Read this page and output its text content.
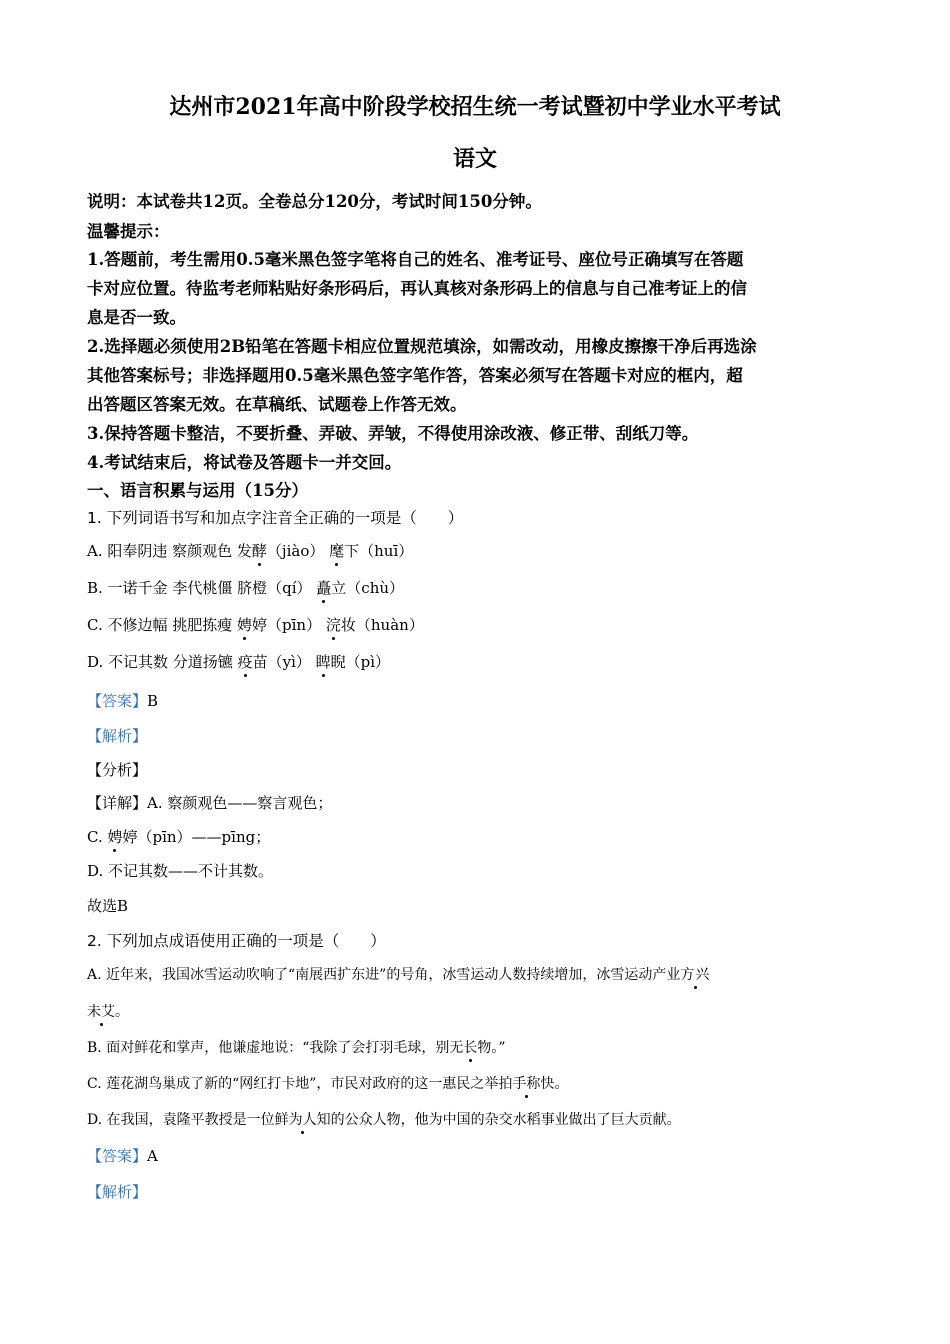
达州市2021年高中阶段学校招生统一考试暨初中学业水平考试
语文
说明：本试卷共12页。全卷总分120分，考试时间150分钟。
温馨提示：
1.答题前，考生需用0.5毫米黑色签字笔将自己的姓名、准考证号、座位号正确填写在答题
卡对应位置。待监考老师粘贴好条形码后，再认真核对条形码上的信息与自己准考证上的信
息是否一致。
2.选择题必须使用2B铅笔在答题卡相应位置规范填涂，如需改动，用橡皮擦擦干净后再选涂
其他答案标号；非选择题用0.5毫米黑色签字笔作答，答案必须写在答题卡对应的框内，超
出答题区答案无效。在草稿纸、试题卷上作答无效。
3.保持答题卡整洁，不要折叠、弄破、弄皱，不得使用涂改液、修正带、刮纸刀等。
4.考试结束后，将试卷及答题卡一并交回。
一、语言积累与运用（15分）
1. 下列词语书写和加点字注音全正确的一项是（　　）
A. 阳奉阴违 察颜观色 发酵（jiào） 麾下（huī）
B. 一诺千金 李代桃僵 脐橙（qí） 矗立（chù）
C. 不修边幅 挑肥拣瘦 娉婷（pīn） 浣妆（huàn）
D. 不记其数 分道扬镳 疫苗（yì） 睥睨（pì）
【答案】B
【解析】
【分析】
【详解】A. 察颜观色——察言观色；
C. 娉婷（pīn）——pīng；
D. 不记其数——不计其数。
故选B
2. 下列加点成语使用正确的一项是（　　）
A. 近年来，我国冰雪运动吹响了“南展西扩东进”的号角，冰雪运动人数持续增加，冰雪运动产业方兴
未艾。
B. 面对鲜花和掌声，他谦虚地说：“我除了会打羽毛球，别无长物。”
C. 莲花湖鸟巢成了新的“网红打卡地”，市民对政府的这一惠民之举拍手称快。
D. 在我国，袁隆平教授是一位鲜为人知的公众人物，他为中国的杂交水稻事业做出了巨大贡献。
【答案】A
【解析】
